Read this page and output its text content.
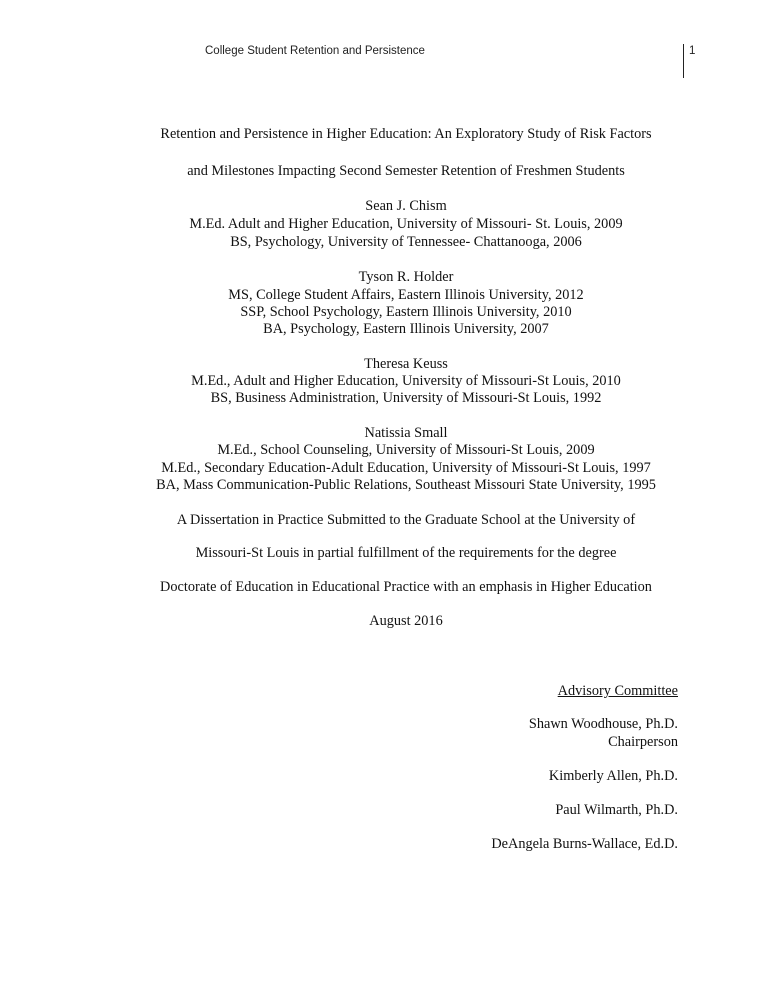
College Student Retention and Persistence	1
Retention and Persistence in Higher Education: An Exploratory Study of Risk Factors
and Milestones Impacting Second Semester Retention of Freshmen Students
Sean J. Chism
M.Ed. Adult and Higher Education, University of Missouri- St. Louis, 2009
BS, Psychology, University of Tennessee- Chattanooga, 2006
Tyson R. Holder
MS, College Student Affairs, Eastern Illinois University, 2012
SSP, School Psychology, Eastern Illinois University, 2010
BA, Psychology, Eastern Illinois University, 2007
Theresa Keuss
M.Ed., Adult and Higher Education, University of Missouri-St Louis, 2010
BS, Business Administration, University of Missouri-St Louis, 1992
Natissia Small
M.Ed., School Counseling, University of Missouri-St Louis, 2009
M.Ed., Secondary Education-Adult Education, University of Missouri-St Louis, 1997
BA, Mass Communication-Public Relations, Southeast Missouri State University, 1995
A Dissertation in Practice Submitted to the Graduate School at the University of
Missouri-St Louis in partial fulfillment of the requirements for the degree
Doctorate of Education in Educational Practice with an emphasis in Higher Education
August 2016
Advisory Committee
Shawn Woodhouse, Ph.D.
Chairperson
Kimberly Allen, Ph.D.
Paul Wilmarth, Ph.D.
DeAngela Burns-Wallace, Ed.D.
